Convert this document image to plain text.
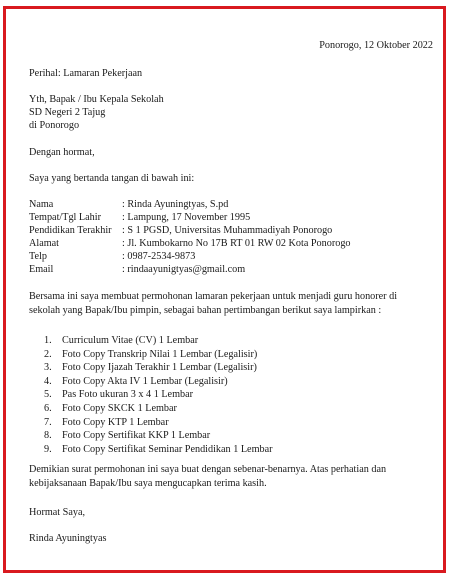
Ponorogo, 12 Oktober 2022
Perihal: Lamaran Pekerjaan
Yth, Bapak / Ibu Kepala Sekolah
SD Negeri 2 Tajug
di Ponorogo
Dengan hormat,
Saya yang bertanda tangan di bawah ini:
Nama	: Rinda Ayuningtyas, S.pd
Tempat/Tgl Lahir : Lampung, 17 November 1995
Pendidikan Terakhir : S 1 PGSD, Universitas Muhammadiyah Ponorogo
Alamat	: Jl. Kumbokarno No 17B RT 01 RW 02 Kota Ponorogo
Telp	: 0987-2534-9873
Email	: rindaayunigtyas@gmail.com
Bersama ini saya membuat permohonan lamaran pekerjaan untuk menjadi guru honorer di sekolah yang Bapak/Ibu pimpin, sebagai bahan pertimbangan berikut saya lampirkan :
1. Curriculum Vitae (CV) 1 Lembar
2. Foto Copy Transkrip Nilai 1 Lembar (Legalisir)
3. Foto Copy Ijazah Terakhir 1 Lembar (Legalisir)
4. Foto Copy Akta IV 1 Lembar (Legalisir)
5. Pas Foto ukuran 3 x 4 1 Lembar
6. Foto Copy SKCK 1 Lembar
7. Foto Copy KTP 1 Lembar
8. Foto Copy Sertifikat KKP 1 Lembar
9. Foto Copy Sertifikat Seminar Pendidikan 1 Lembar
Demikian surat permohonan ini saya buat dengan sebenar-benarnya. Atas perhatian dan kebijaksanaan Bapak/Ibu saya mengucapkan terima kasih.
Hormat Saya,
Rinda Ayuningtyas
